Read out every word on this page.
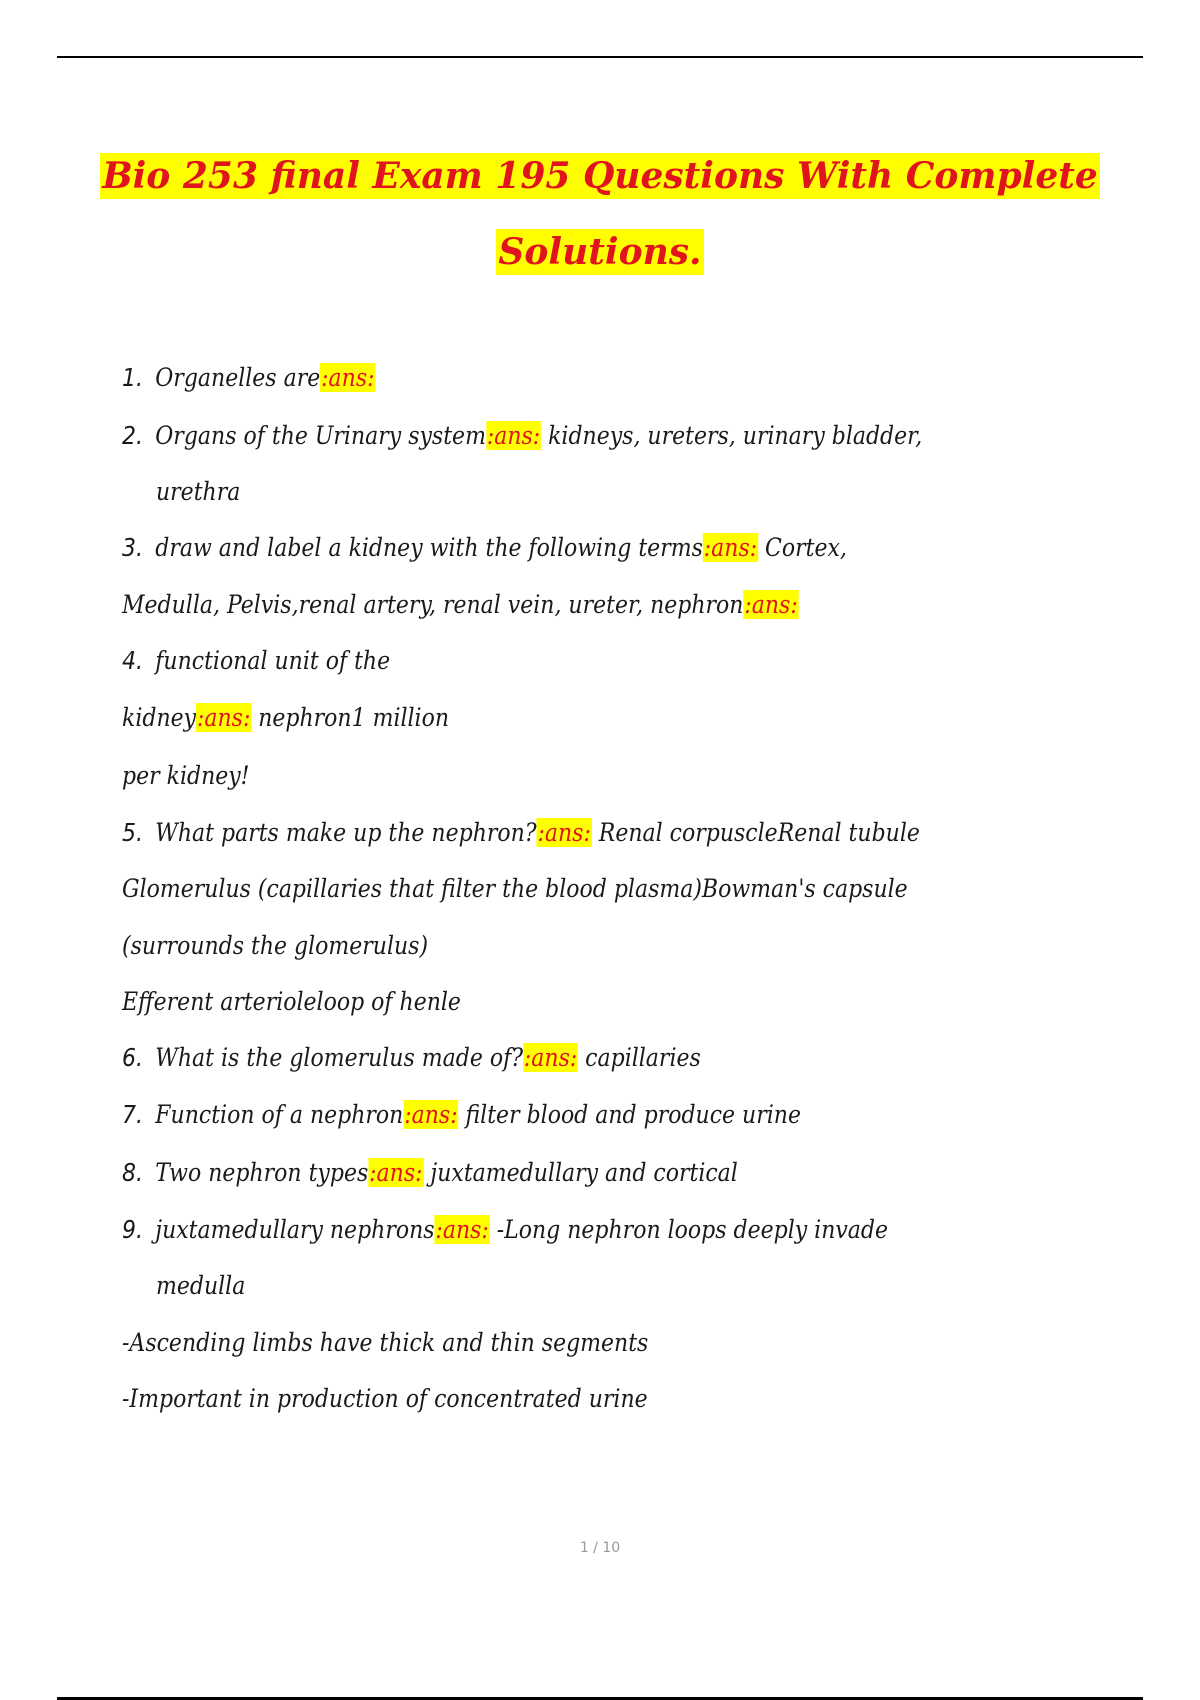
Bio 253 final Exam 195 Questions With Complete
Solutions.
1. Organelles are:ans:
2. Organs of the Urinary system:ans: kidneys, ureters, urinary bladder,
urethra
3. draw and label a kidney with the following terms:ans: Cortex,
Medulla, Pelvis,renal artery, renal vein, ureter, nephron:ans:
4. functional unit of the
kidney:ans: nephron1 million
per kidney!
5. What parts make up the nephron?:ans: Renal corpuscleRenal tubule
Glomerulus (capillaries that filter the blood plasma)Bowman's capsule
(surrounds the glomerulus)
Efferent arterioleloop of henle
6. What is the glomerulus made of?:ans: capillaries
7. Function of a nephron:ans: filter blood and produce urine
8. Two nephron types:ans: juxtamedullary and cortical
9. juxtamedullary nephrons:ans: -Long nephron loops deeply invade
medulla
-Ascending limbs have thick and thin segments
-Important in production of concentrated urine
1 / 10
